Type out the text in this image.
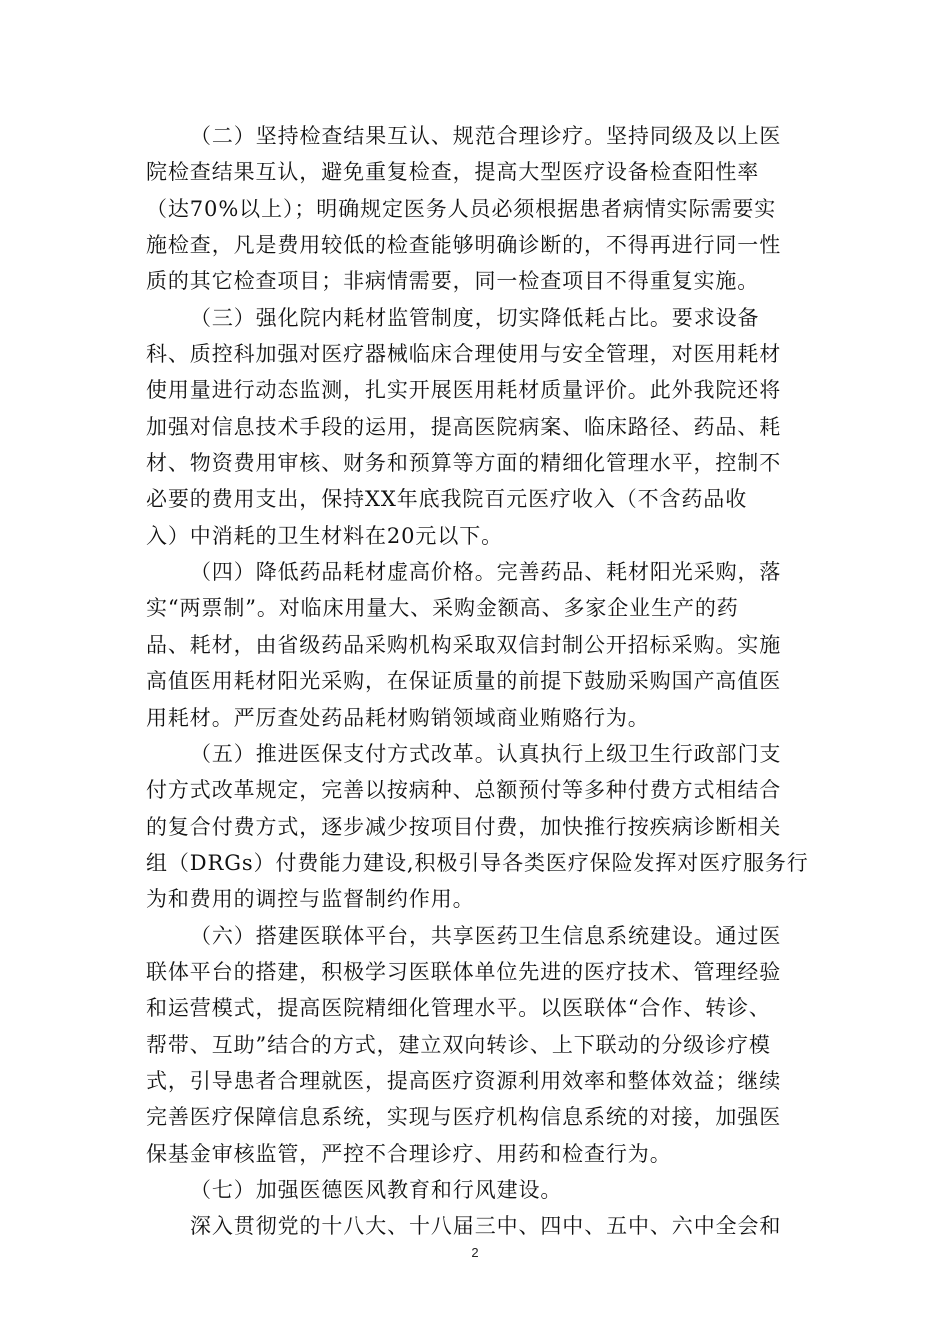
（二）坚持检查结果互认、规范合理诊疗。坚持同级及以上医
院检查结果互认，避免重复检查，提高大型医疗设备检查阳性率
（达70%以上）；明确规定医务人员必须根据患者病情实际需要实
施检查，凡是费用较低的检查能够明确诊断的，不得再进行同一性
质的其它检查项目；非病情需要，同一检查项目不得重复实施。
（三）强化院内耗材监管制度，切实降低耗占比。要求设备
科、质控科加强对医疗器械临床合理使用与安全管理，对医用耗材
使用量进行动态监测，扎实开展医用耗材质量评价。此外我院还将
加强对信息技术手段的运用，提高医院病案、临床路径、药品、耗
材、物资费用审核、财务和预算等方面的精细化管理水平，控制不
必要的费用支出，保持XX年底我院百元医疗收入（不含药品收
入）中消耗的卫生材料在20元以下。
（四）降低药品耗材虚高价格。完善药品、耗材阳光采购，落
实“两票制”。对临床用量大、采购金额高、多家企业生产的药
品、耗材，由省级药品采购机构采取双信封制公开招标采购。实施
高值医用耗材阳光采购，在保证质量的前提下鼓励采购国产高值医
用耗材。严厉查处药品耗材购销领域商业贿赂行为。
（五）推进医保支付方式改革。认真执行上级卫生行政部门支
付方式改革规定，完善以按病种、总额预付等多种付费方式相结合
的复合付费方式，逐步减少按项目付费，加快推行按疾病诊断相关
组（DRGs）付费能力建设,积极引导各类医疗保险发挥对医疗服务行
为和费用的调控与监督制约作用。
（六）搭建医联体平台，共享医药卫生信息系统建设。通过医
联体平台的搭建，积极学习医联体单位先进的医疗技术、管理经验
和运营模式，提高医院精细化管理水平。以医联体“合作、转诊、
帮带、互助”结合的方式，建立双向转诊、上下联动的分级诊疗模
式，引导患者合理就医，提高医疗资源利用效率和整体效益；继续
完善医疗保障信息系统，实现与医疗机构信息系统的对接，加强医
保基金审核监管，严控不合理诊疗、用药和检查行为。
（七）加强医德医风教育和行风建设。
深入贯彻党的十八大、十八届三中、四中、五中、六中全会和
2
